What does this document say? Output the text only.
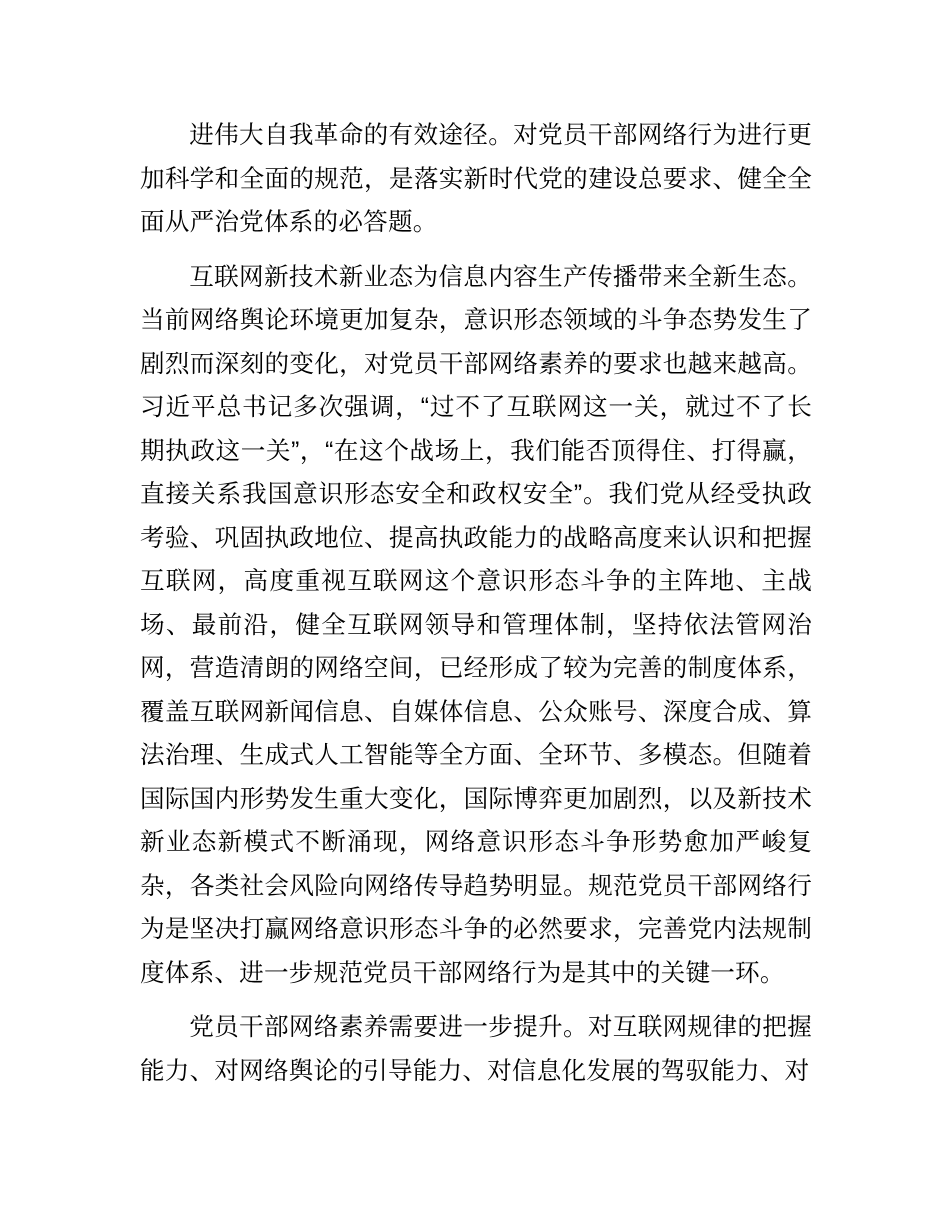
进伟大自我革命的有效途径。对党员干部网络行为进行更加科学和全面的规范，是落实新时代党的建设总要求、健全全面从严治党体系的必答题。

互联网新技术新业态为信息内容生产传播带来全新生态。当前网络舆论环境更加复杂，意识形态领域的斗争态势发生了剧烈而深刻的变化，对党员干部网络素养的要求也越来越高。习近平总书记多次强调，“过不了互联网这一关，就过不了长期执政这一关”，“在这个战场上，我们能否顶得住、打得赢，直接关系我国意识形态安全和政权安全”。我们党从经受执政考验、巩固执政地位、提高执政能力的战略高度来认识和把握互联网，高度重视互联网这个意识形态斗争的主阵地、主战场、最前沿，健全互联网领导和管理体制，坚持依法管网治网，营造清朗的网络空间，已经形成了较为完善的制度体系，覆盖互联网新闻信息、自媒体信息、公众账号、深度合成、算法治理、生成式人工智能等全方面、全环节、多模态。但随着国际国内形势发生重大变化，国际博弈更加剧烈，以及新技术新业态新模式不断涌现，网络意识形态斗争形势愈加严峻复杂，各类社会风险向网络传导趋势明显。规范党员干部网络行为是坚决打赢网络意识形态斗争的必然要求，完善党内法规制度体系、进一步规范党员干部网络行为是其中的关键一环。

党员干部网络素养需要进一步提升。对互联网规律的把握能力、对网络舆论的引导能力、对信息化发展的驾驭能力、对
